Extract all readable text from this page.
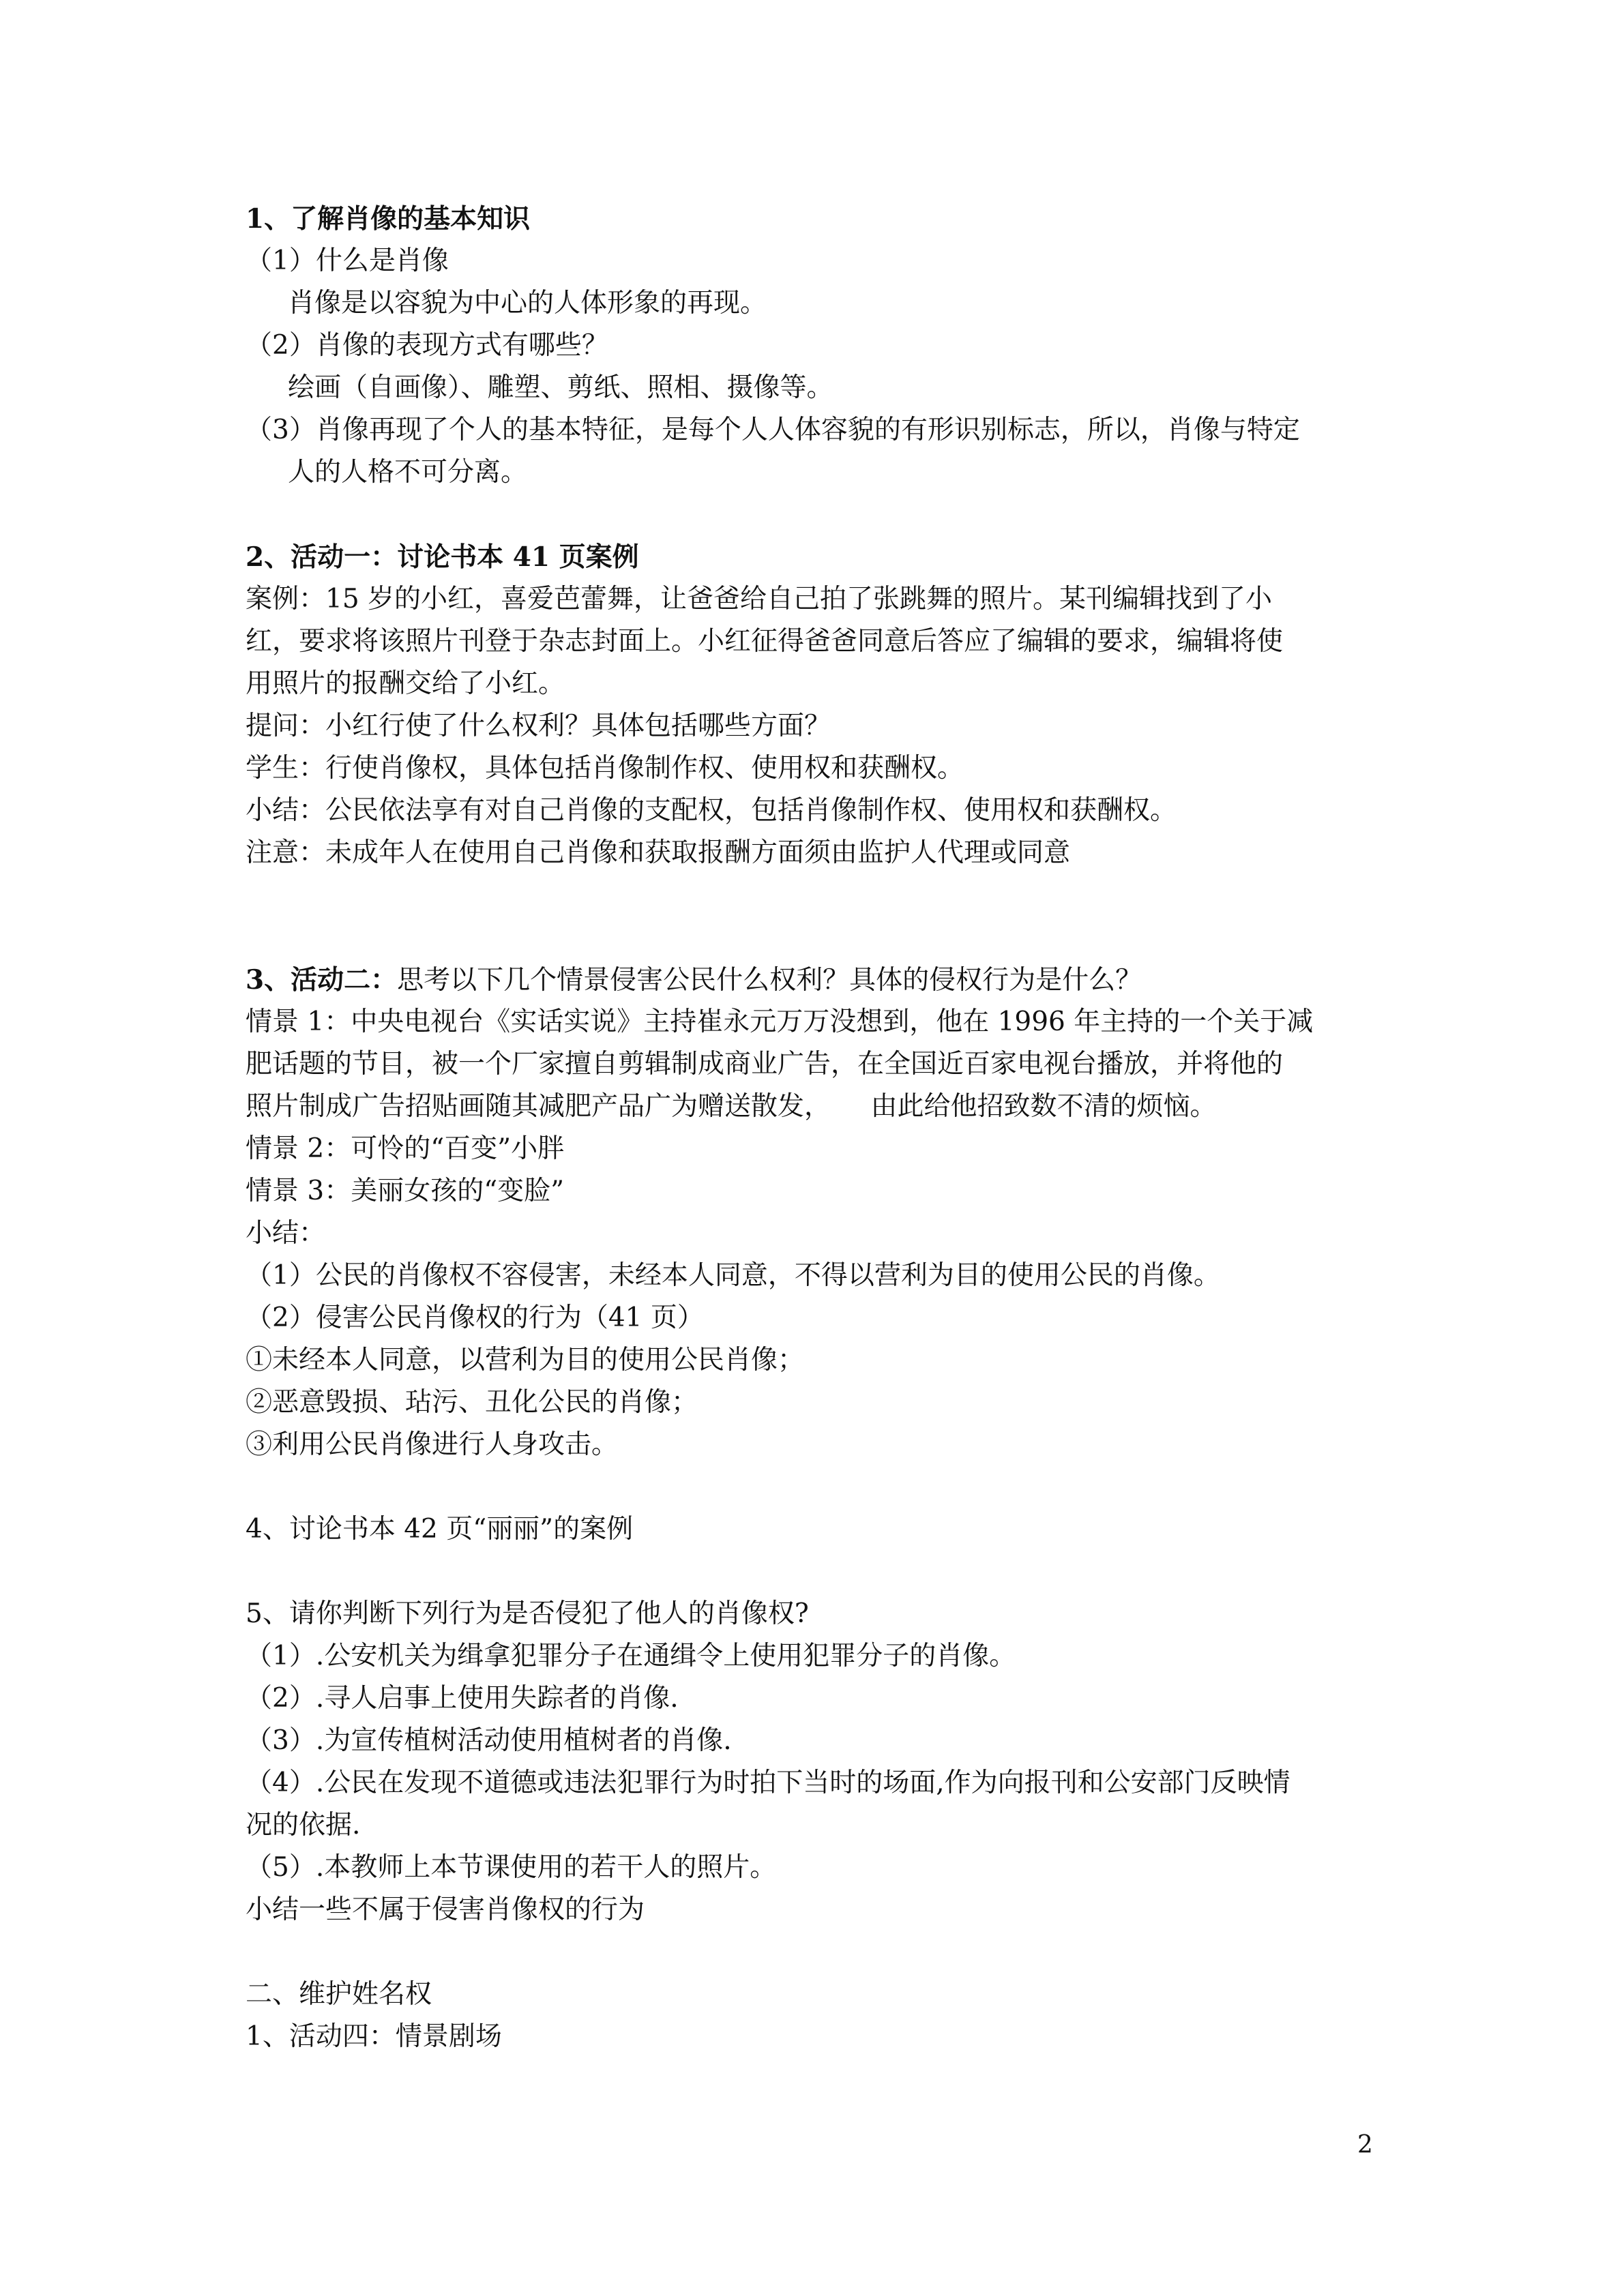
1、了解肖像的基本知识
（1）什么是肖像
肖像是以容貌为中心的人体形象的再现。
（2）肖像的表现方式有哪些？
绘画（自画像）、雕塑、剪纸、照相、摄像等。
（3）肖像再现了个人的基本特征，是每个人人体容貌的有形识别标志，所以，肖像与特定
人的人格不可分离。
2、活动一：讨论书本 41 页案例
案例：15 岁的小红，喜爱芭蕾舞，让爸爸给自己拍了张跳舞的照片。某刊编辑找到了小
红，要求将该照片刊登于杂志封面上。小红征得爸爸同意后答应了编辑的要求，编辑将使
用照片的报酬交给了小红。
提问：小红行使了什么权利？具体包括哪些方面？
学生：行使肖像权，具体包括肖像制作权、使用权和获酬权。
小结：公民依法享有对自己肖像的支配权，包括肖像制作权、使用权和获酬权。
注意：未成年人在使用自己肖像和获取报酬方面须由监护人代理或同意
3、活动二：思考以下几个情景侵害公民什么权利？具体的侵权行为是什么？
情景 1：中央电视台《实话实说》主持崔永元万万没想到，他在 1996 年主持的一个关于减
肥话题的节目，被一个厂家擅自剪辑制成商业广告，在全国近百家电视台播放，并将他的
照片制成广告招贴画随其减肥产品广为赠送散发，　　由此给他招致数不清的烦恼。
情景 2：可怜的“百变”小胖
情景 3：美丽女孩的“变脸”
小结：
（1）公民的肖像权不容侵害，未经本人同意，不得以营利为目的使用公民的肖像。
（2）侵害公民肖像权的行为（41 页）
①未经本人同意，以营利为目的使用公民肖像；
②恶意毁损、玷污、丑化公民的肖像；
③利用公民肖像进行人身攻击。
4、讨论书本 42 页“丽丽”的案例
5、请你判断下列行为是否侵犯了他人的肖像权?
（1）.公安机关为缉拿犯罪分子在通缉令上使用犯罪分子的肖像。
（2）.寻人启事上使用失踪者的肖像.
（3）.为宣传植树活动使用植树者的肖像.
（4）.公民在发现不道德或违法犯罪行为时拍下当时的场面,作为向报刊和公安部门反映情
况的依据.
（5）.本教师上本节课使用的若干人的照片。
小结一些不属于侵害肖像权的行为
二、维护姓名权
1、活动四：情景剧场
2
